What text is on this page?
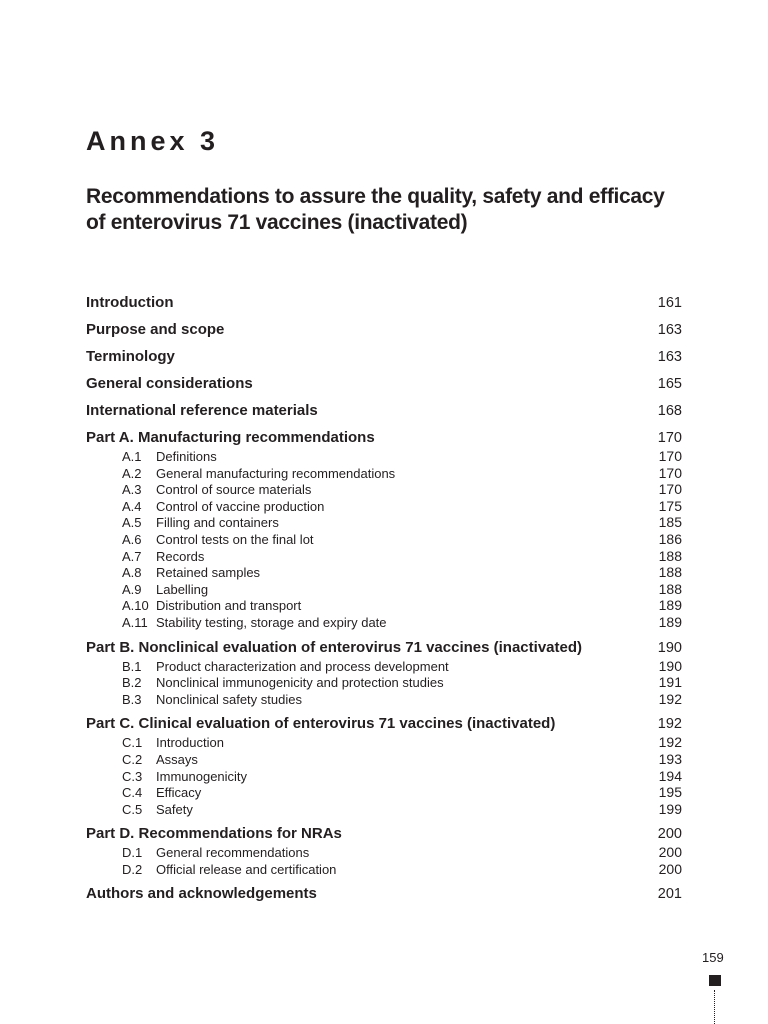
Annex 3
Recommendations to assure the quality, safety and efficacy of enterovirus 71 vaccines (inactivated)
Introduction	161
Purpose and scope	163
Terminology	163
General considerations	165
International reference materials	168
Part A. Manufacturing recommendations	170
A.1	Definitions	170
A.2	General manufacturing recommendations	170
A.3	Control of source materials	170
A.4	Control of vaccine production	175
A.5	Filling and containers	185
A.6	Control tests on the final lot	186
A.7	Records	188
A.8	Retained samples	188
A.9	Labelling	188
A.10 Distribution and transport	189
A.11 Stability testing, storage and expiry date	189
Part B. Nonclinical evaluation of enterovirus 71 vaccines (inactivated)	190
B.1	Product characterization and process development	190
B.2	Nonclinical immunogenicity and protection studies	191
B.3	Nonclinical safety studies	192
Part C. Clinical evaluation of enterovirus 71 vaccines (inactivated)	192
C.1	Introduction	192
C.2	Assays	193
C.3	Immunogenicity	194
C.4	Efficacy	195
C.5	Safety	199
Part D. Recommendations for NRAs	200
D.1	General recommendations	200
D.2	Official release and certification	200
Authors and acknowledgements	201
159
